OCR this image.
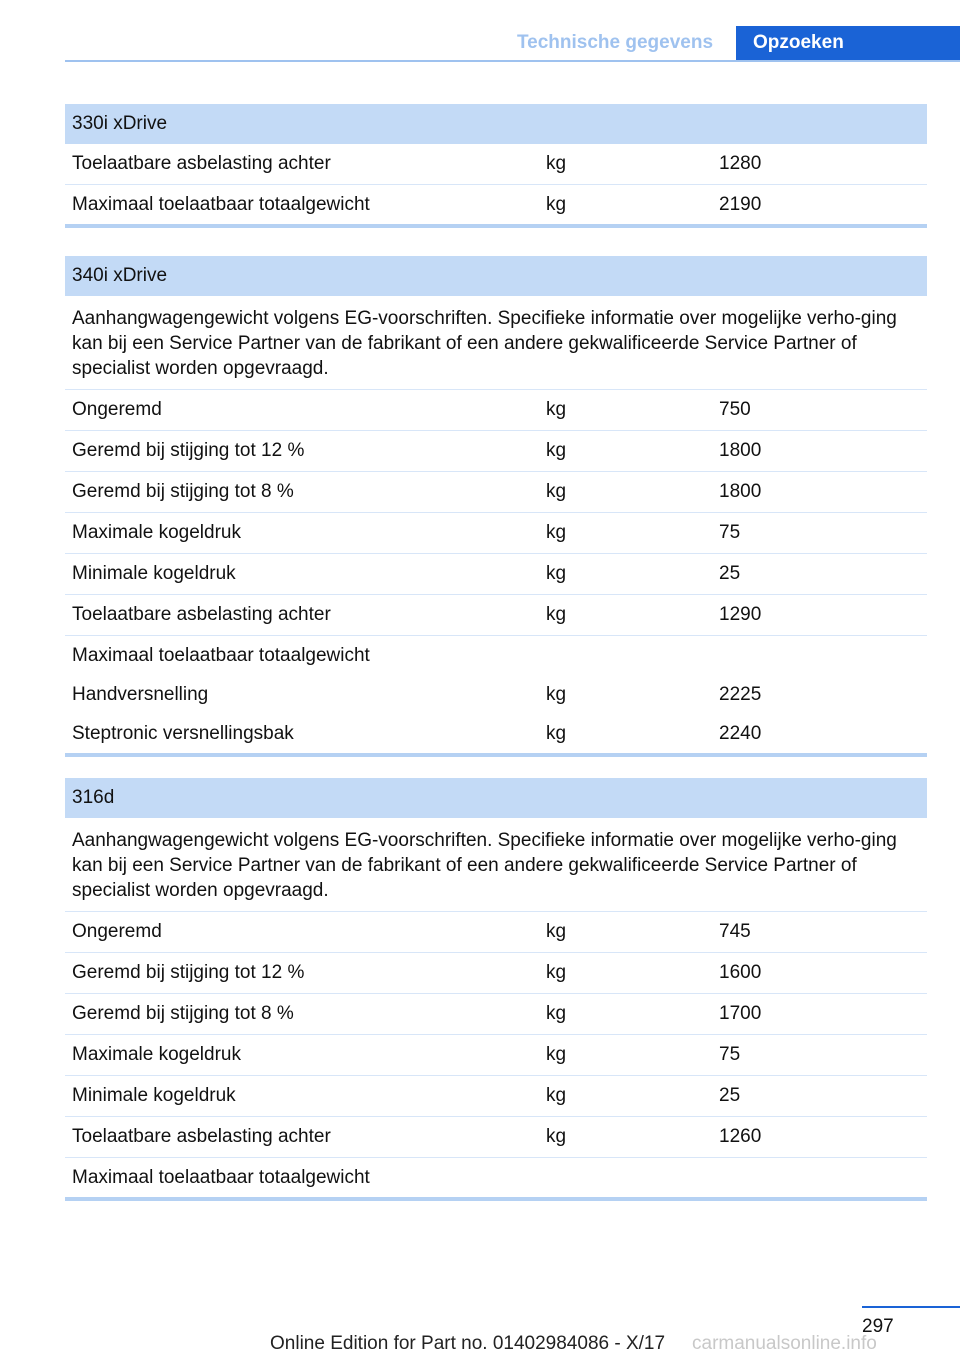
Technische gegevens	Opzoeken
330i xDrive
Toelaatbare asbelasting achter	kg	1280
Maximaal toelaatbaar totaalgewicht	kg	2190
340i xDrive
Aanhangwagengewicht volgens EG-voorschriften. Specifieke informatie over mogelijke verho-ging kan bij een Service Partner van de fabrikant of een andere gekwalificeerde Service Partner of specialist worden opgevraagd.
Ongeremd	kg	750
Geremd bij stijging tot 12 %	kg	1800
Geremd bij stijging tot 8 %	kg	1800
Maximale kogeldruk	kg	75
Minimale kogeldruk	kg	25
Toelaatbare asbelasting achter	kg	1290
Maximaal toelaatbaar totaalgewicht
Handversnelling	kg	2225
Steptronic versnellingsbak	kg	2240
316d
Aanhangwagengewicht volgens EG-voorschriften. Specifieke informatie over mogelijke verho-ging kan bij een Service Partner van de fabrikant of een andere gekwalificeerde Service Partner of specialist worden opgevraagd.
Ongeremd	kg	745
Geremd bij stijging tot 12 %	kg	1600
Geremd bij stijging tot 8 %	kg	1700
Maximale kogeldruk	kg	75
Minimale kogeldruk	kg	25
Toelaatbare asbelasting achter	kg	1260
Maximaal toelaatbaar totaalgewicht
297
Online Edition for Part no. 01402984086 - X/17 carmanualsonline.info
